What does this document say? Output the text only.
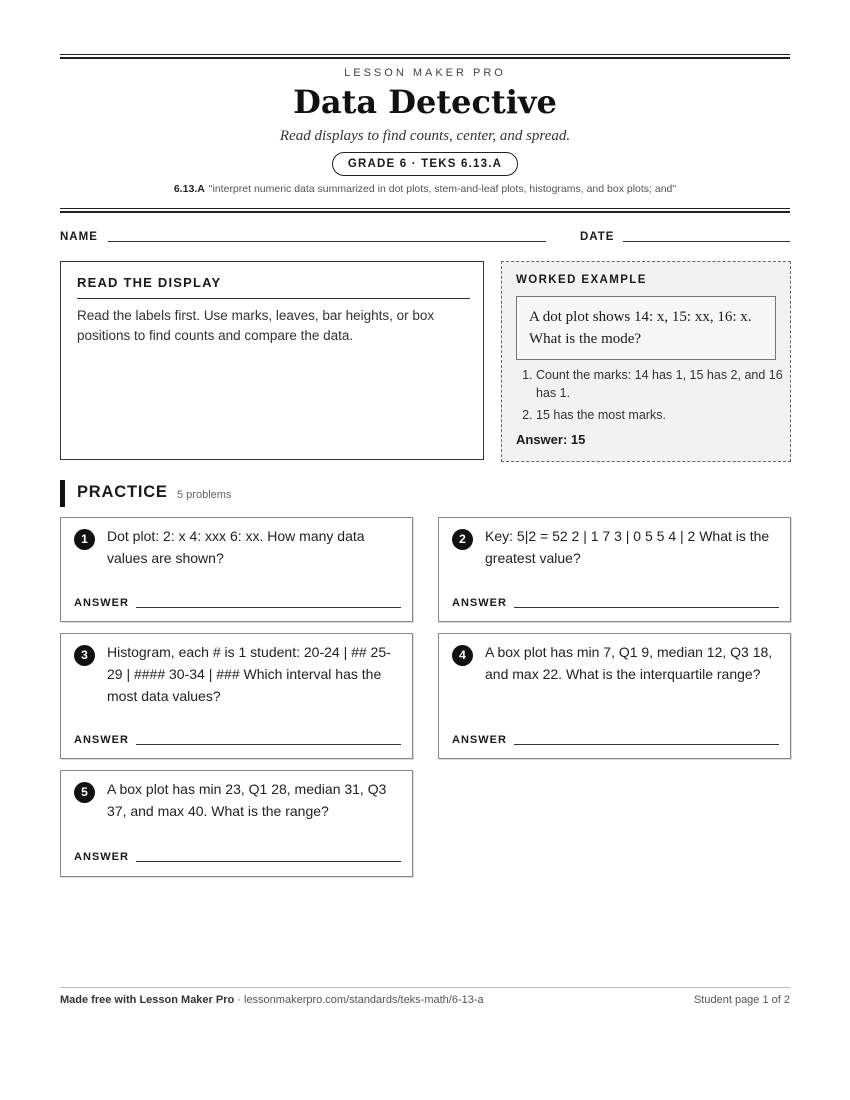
LESSON MAKER PRO
Data Detective
Read displays to find counts, center, and spread.
GRADE 6 · TEKS 6.13.A
6.13.A "interpret numeric data summarized in dot plots, stem-and-leaf plots, histograms, and box plots; and"
NAME	DATE
READ THE DISPLAY
Read the labels first. Use marks, leaves, bar heights, or box positions to find counts and compare the data.
WORKED EXAMPLE
A dot plot shows 14: x, 15: xx, 16: x. What is the mode?
1. Count the marks: 14 has 1, 15 has 2, and 16 has 1.
2. 15 has the most marks.
Answer: 15
PRACTICE 5 problems
1	Dot plot: 2: x 4: xxx 6: xx. How many data values are shown?
ANSWER
2	Key: 5|2 = 52 2 | 1 7 3 | 0 5 5 4 | 2 What is the greatest value?
ANSWER
3	Histogram, each # is 1 student: 20-24 | ## 25-29 | #### 30-34 | ### Which interval has the most data values?
ANSWER
4	A box plot has min 7, Q1 9, median 12, Q3 18, and max 22. What is the interquartile range?
ANSWER
5	A box plot has min 23, Q1 28, median 31, Q3 37, and max 40. What is the range?
ANSWER
Made free with Lesson Maker Pro · lessonmakerpro.com/standards/teks-math/6-13-a	Student page 1 of 2
